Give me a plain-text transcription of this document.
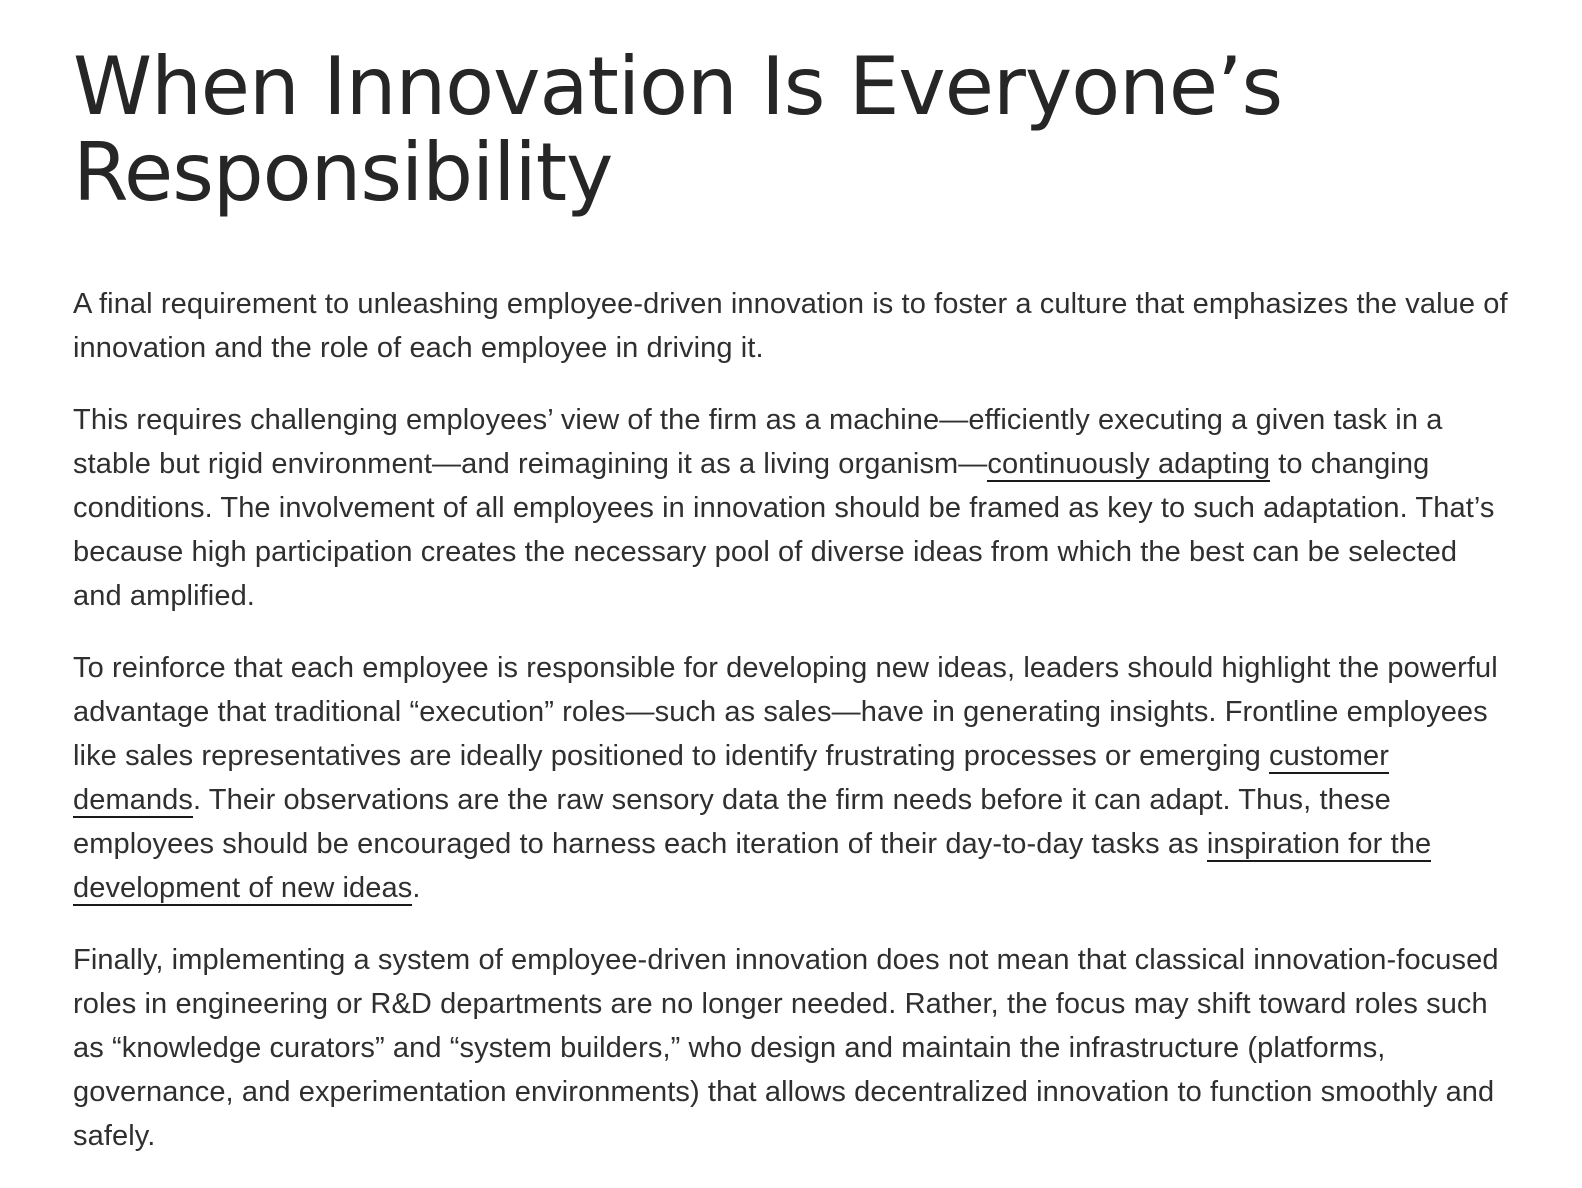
When Innovation Is Everyone’s Responsibility

A final requirement to unleashing employee-driven innovation is to foster a culture that emphasizes the value of innovation and the role of each employee in driving it.

This requires challenging employees’ view of the firm as a machine—efficiently executing a given task in a stable but rigid environment—and reimagining it as a living organism—continuously adapting to changing conditions. The involvement of all employees in innovation should be framed as key to such adaptation. That’s because high participation creates the necessary pool of diverse ideas from which the best can be selected and amplified.

To reinforce that each employee is responsible for developing new ideas, leaders should highlight the powerful advantage that traditional “execution” roles—such as sales—have in generating insights. Frontline employees like sales representatives are ideally positioned to identify frustrating processes or emerging customer demands. Their observations are the raw sensory data the firm needs before it can adapt. Thus, these employees should be encouraged to harness each iteration of their day-to-day tasks as inspiration for the development of new ideas.

Finally, implementing a system of employee-driven innovation does not mean that classical innovation-focused roles in engineering or R&D departments are no longer needed. Rather, the focus may shift toward roles such as “knowledge curators” and “system builders,” who design and maintain the infrastructure (platforms, governance, and experimentation environments) that allows decentralized innovation to function smoothly and safely.
